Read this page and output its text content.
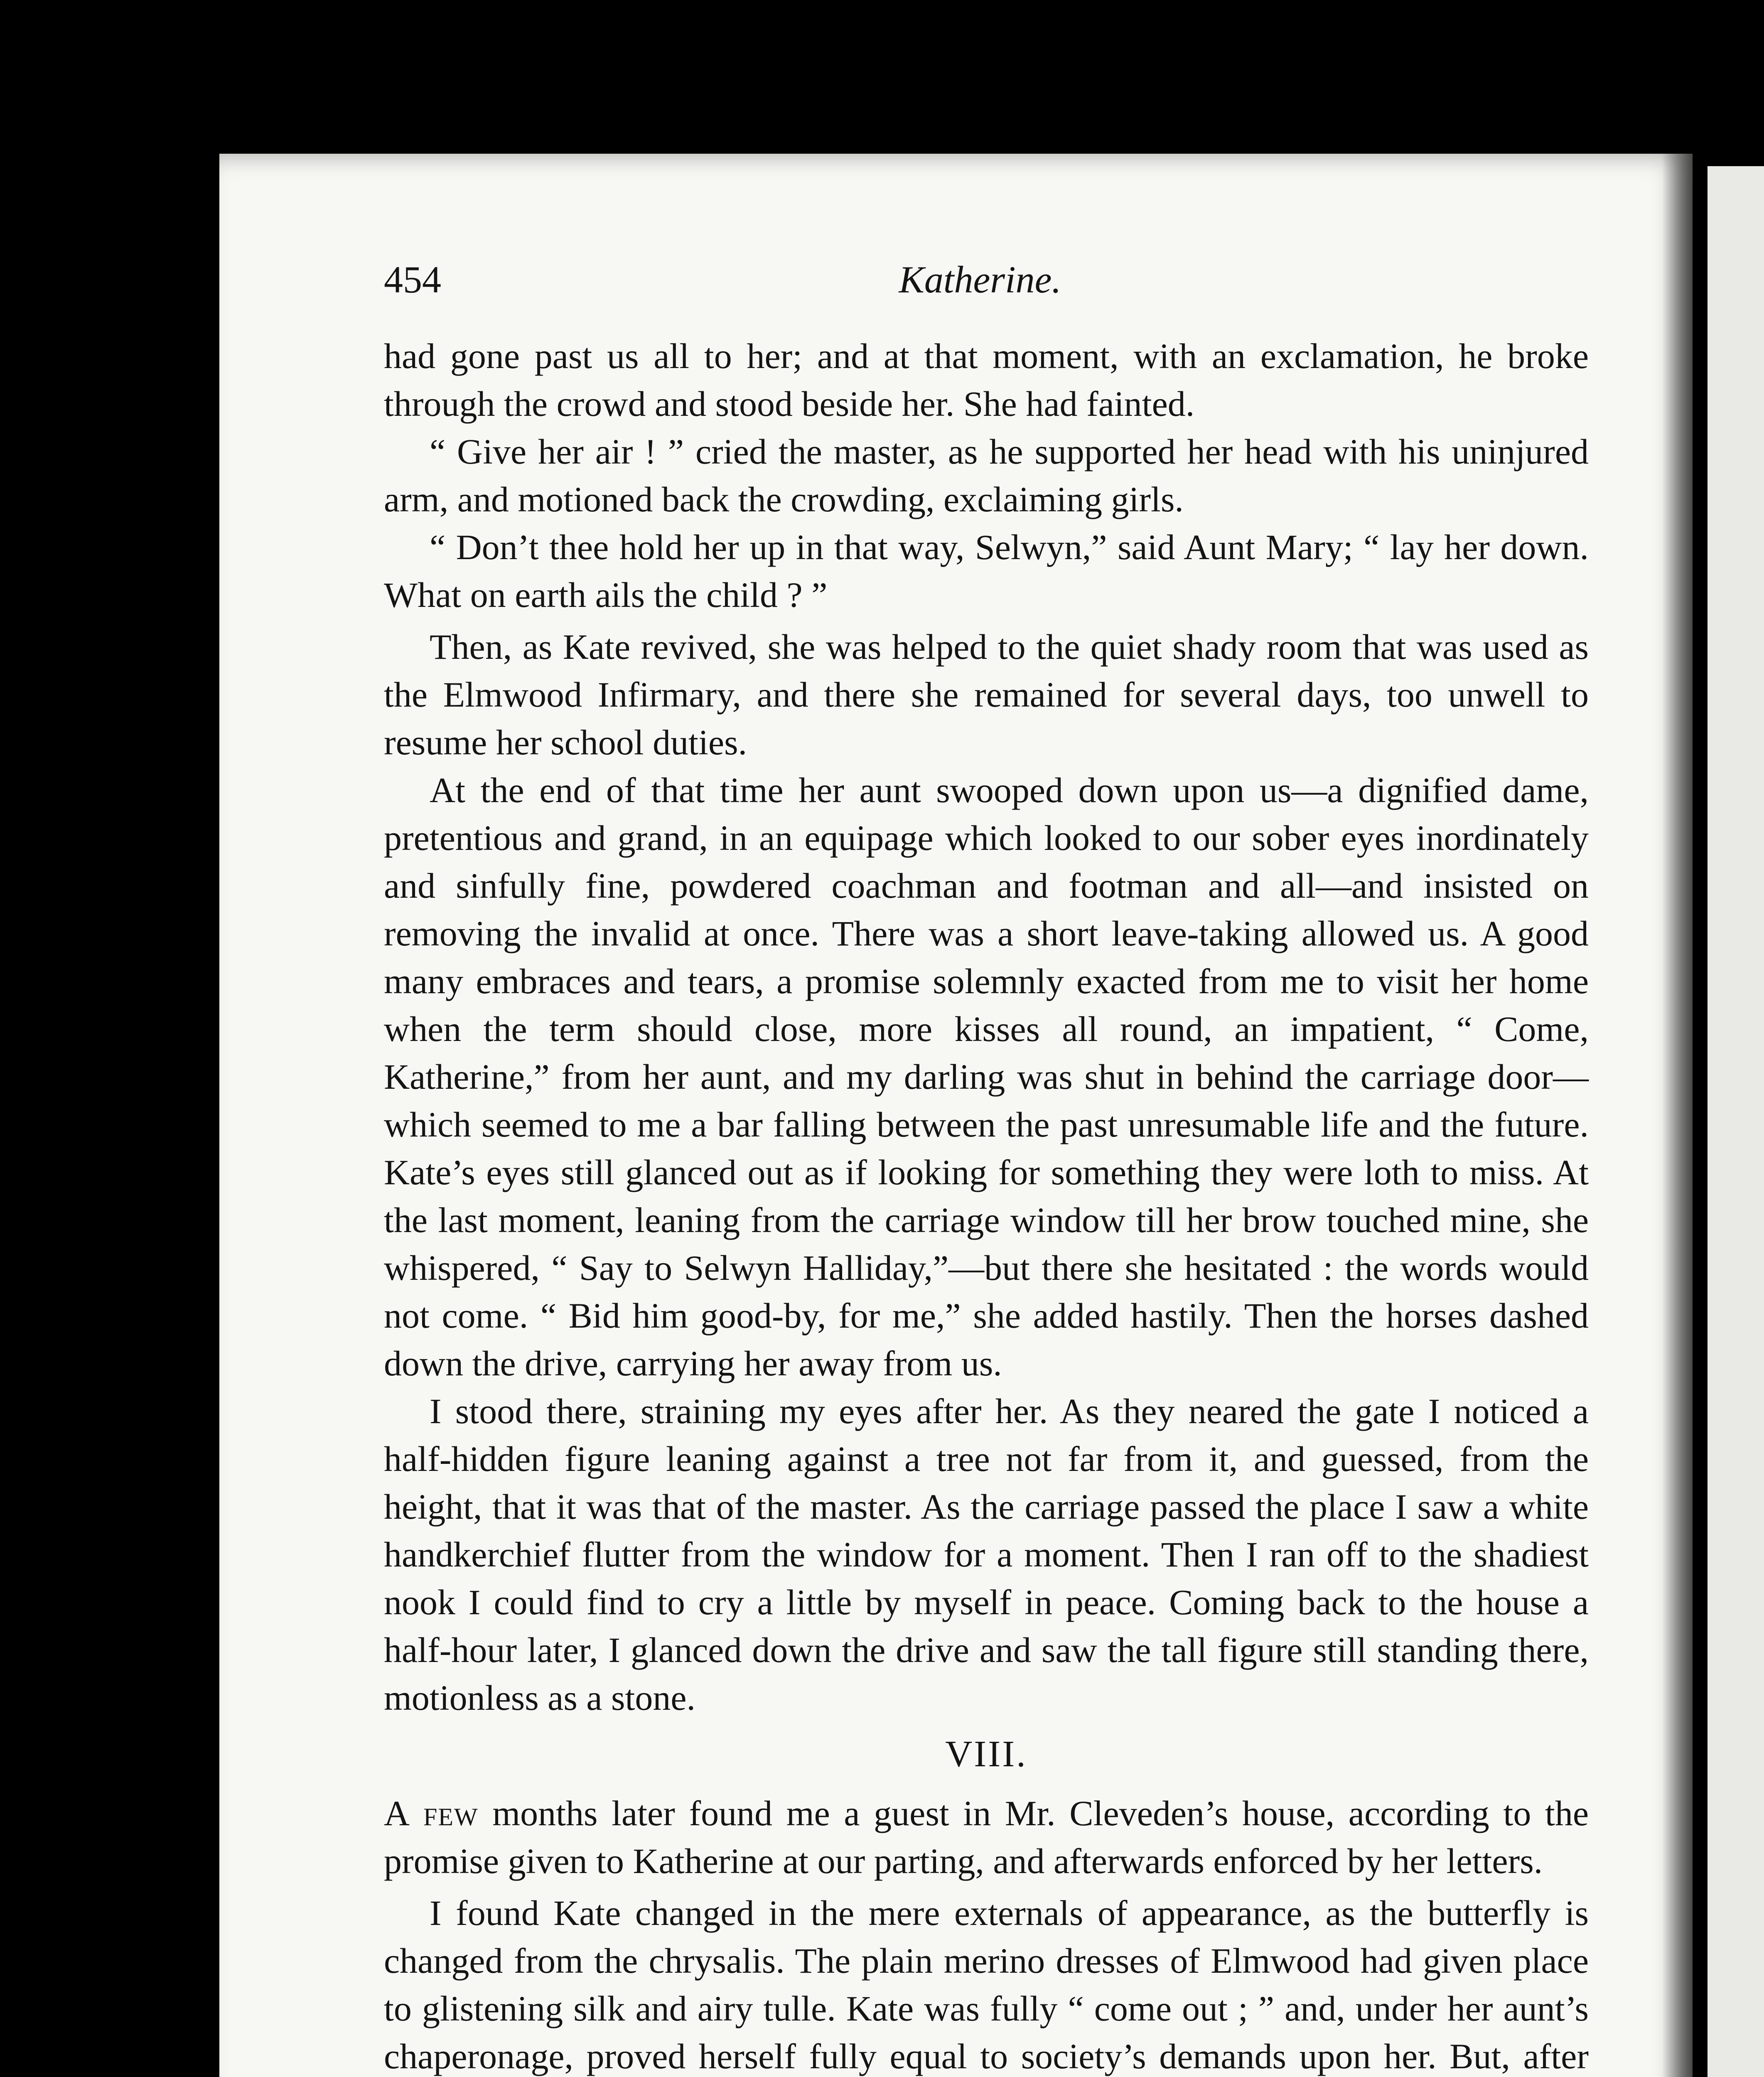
454	Katherine.

had gone past us all to her; and at that moment, with an exclamation, he broke through the crowd and stood beside her. She had fainted.

“ Give her air ! ” cried the master, as he supported her head with his uninjured arm, and motioned back the crowding, exclaiming girls.

“ Don’t thee hold her up in that way, Selwyn,” said Aunt Mary; “ lay her down. What on earth ails the child ? ”

Then, as Kate revived, she was helped to the quiet shady room that was used as the Elmwood Infirmary, and there she remained for several days, too unwell to resume her school duties.

At the end of that time her aunt swooped down upon us—a dignified dame, pretentious and grand, in an equipage which looked to our sober eyes inordinately and sinfully fine, powdered coachman and footman and all—and insisted on removing the invalid at once. There was a short leave-taking allowed us. A good many embraces and tears, a promise solemnly exacted from me to visit her home when the term should close, more kisses all round, an impatient, “ Come, Katherine,” from her aunt, and my darling was shut in behind the carriage door—which seemed to me a bar falling between the past unresumable life and the future. Kate’s eyes still glanced out as if looking for something they were loth to miss. At the last moment, leaning from the carriage window till her brow touched mine, she whispered, “ Say to Selwyn Halliday,”—but there she hesitated : the words would not come. “ Bid him good-by, for me,” she added hastily. Then the horses dashed down the drive, carrying her away from us.

I stood there, straining my eyes after her. As they neared the gate I noticed a half-hidden figure leaning against a tree not far from it, and guessed, from the height, that it was that of the master. As the carriage passed the place I saw a white handkerchief flutter from the window for a moment. Then I ran off to the shadiest nook I could find to cry a little by myself in peace. Coming back to the house a half-hour later, I glanced down the drive and saw the tall figure still standing there, motionless as a stone.

VIII.

A few months later found me a guest in Mr. Cleveden’s house, according to the promise given to Katherine at our parting, and afterwards enforced by her letters.

I found Kate changed in the mere externals of appearance, as the butterfly is changed from the chrysalis. The plain merino dresses of Elmwood had given place to glistening silk and airy tulle. Kate was fully “ come out ; ” and, under her aunt’s chaperonage, proved herself fully equal to society’s demands upon her. But, after
